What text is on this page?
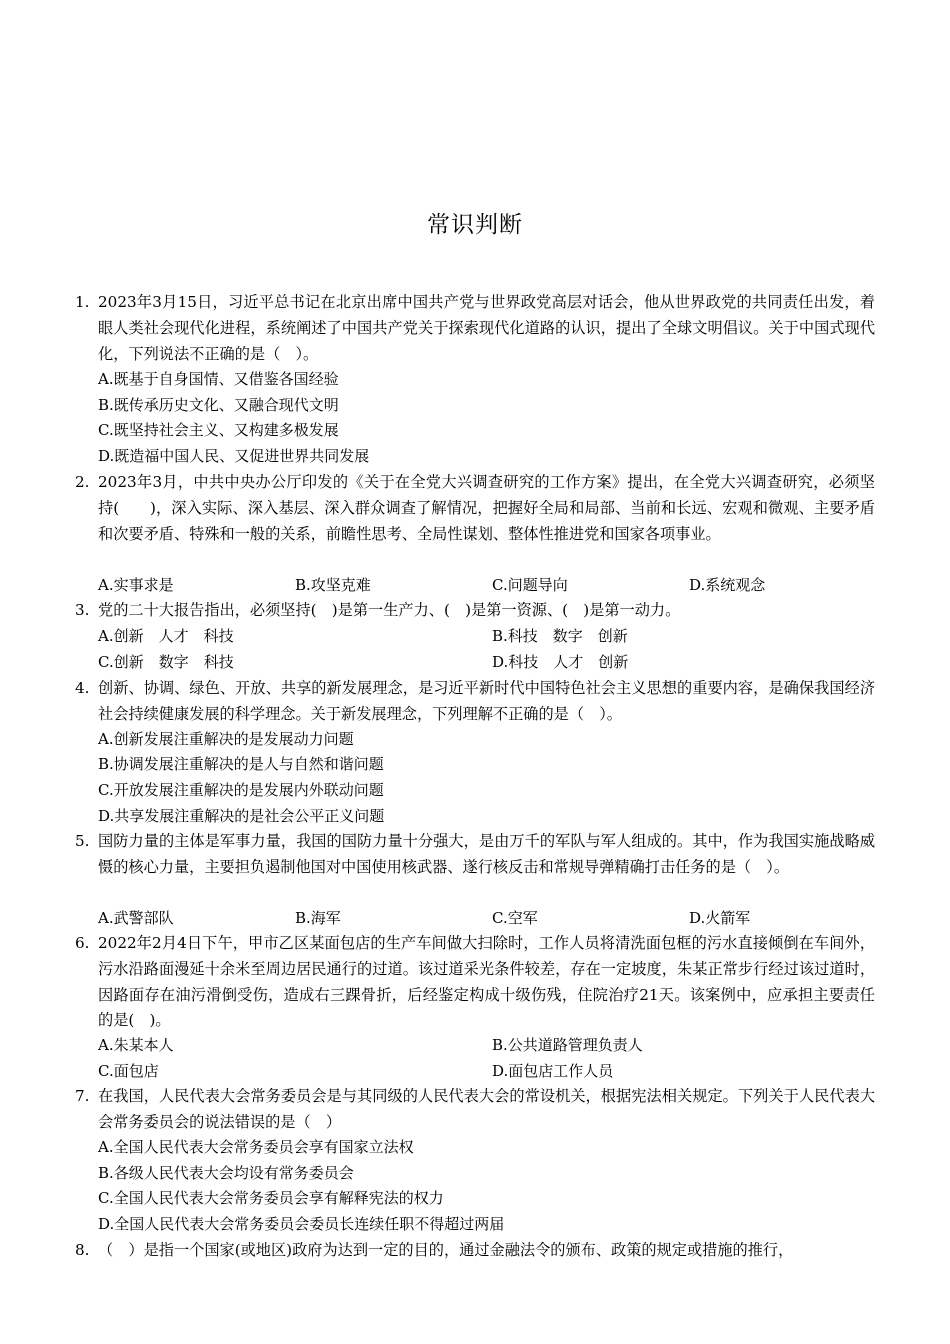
常识判断
1. 2023年3月15日，习近平总书记在北京出席中国共产党与世界政党高层对话会，他从世界政党的共同责任出发，着眼人类社会现代化进程，系统阐述了中国共产党关于探索现代化道路的认识，提出了全球文明倡议。关于中国式现代化，下列说法不正确的是（　）。
A.既基于自身国情、又借鉴各国经验
B.既传承历史文化、又融合现代文明
C.既坚持社会主义、又构建多极发展
D.既造福中国人民、又促进世界共同发展
2. 2023年3月，中共中央办公厅印发的《关于在全党大兴调查研究的工作方案》提出，在全党大兴调查研究，必须坚持(　　)，深入实际、深入基层、深入群众调查了解情况，把握好全局和局部、当前和长远、宏观和微观、主要矛盾和次要矛盾、特殊和一般的关系，前瞻性思考、全局性谋划、整体性推进党和国家各项事业。
A.实事求是	B.攻坚克难	C.问题导向	D.系统观念
3. 党的二十大报告指出，必须坚持(　)是第一生产力、(　)是第一资源、(　)是第一动力。
A.创新　人才　科技	B.科技　数字　创新
C.创新　数字　科技	D.科技　人才　创新
4. 创新、协调、绿色、开放、共享的新发展理念，是习近平新时代中国特色社会主义思想的重要内容，是确保我国经济社会持续健康发展的科学理念。关于新发展理念，下列理解不正确的是（　）。
A.创新发展注重解决的是发展动力问题
B.协调发展注重解决的是人与自然和谐问题
C.开放发展注重解决的是发展内外联动问题
D.共享发展注重解决的是社会公平正义问题
5. 国防力量的主体是军事力量，我国的国防力量十分强大，是由万千的军队与军人组成的。其中，作为我国实施战略威慑的核心力量，主要担负遏制他国对中国使用核武器、遂行核反击和常规导弹精确打击任务的是（　）。
A.武警部队	B.海军	C.空军	D.火箭军
6. 2022年2月4日下午，甲市乙区某面包店的生产车间做大扫除时，工作人员将清洗面包框的污水直接倾倒在车间外，污水沿路面漫延十余米至周边居民通行的过道。该过道采光条件较差，存在一定坡度，朱某正常步行经过该过道时，因路面存在油污滑倒受伤，造成右三踝骨折，后经鉴定构成十级伤残，住院治疗21天。该案例中，应承担主要责任的是(　)。
A.朱某本人	B.公共道路管理负责人
C.面包店	D.面包店工作人员
7. 在我国，人民代表大会常务委员会是与其同级的人民代表大会的常设机关，根据宪法相关规定。下列关于人民代表大会常务委员会的说法错误的是（　）
A.全国人民代表大会常务委员会享有国家立法权
B.各级人民代表大会均设有常务委员会
C.全国人民代表大会常务委员会享有解释宪法的权力
D.全国人民代表大会常务委员会委员长连续任职不得超过两届
8. （　）是指一个国家(或地区)政府为达到一定的目的，通过金融法令的颁布、政策的规定或措施的推行，
